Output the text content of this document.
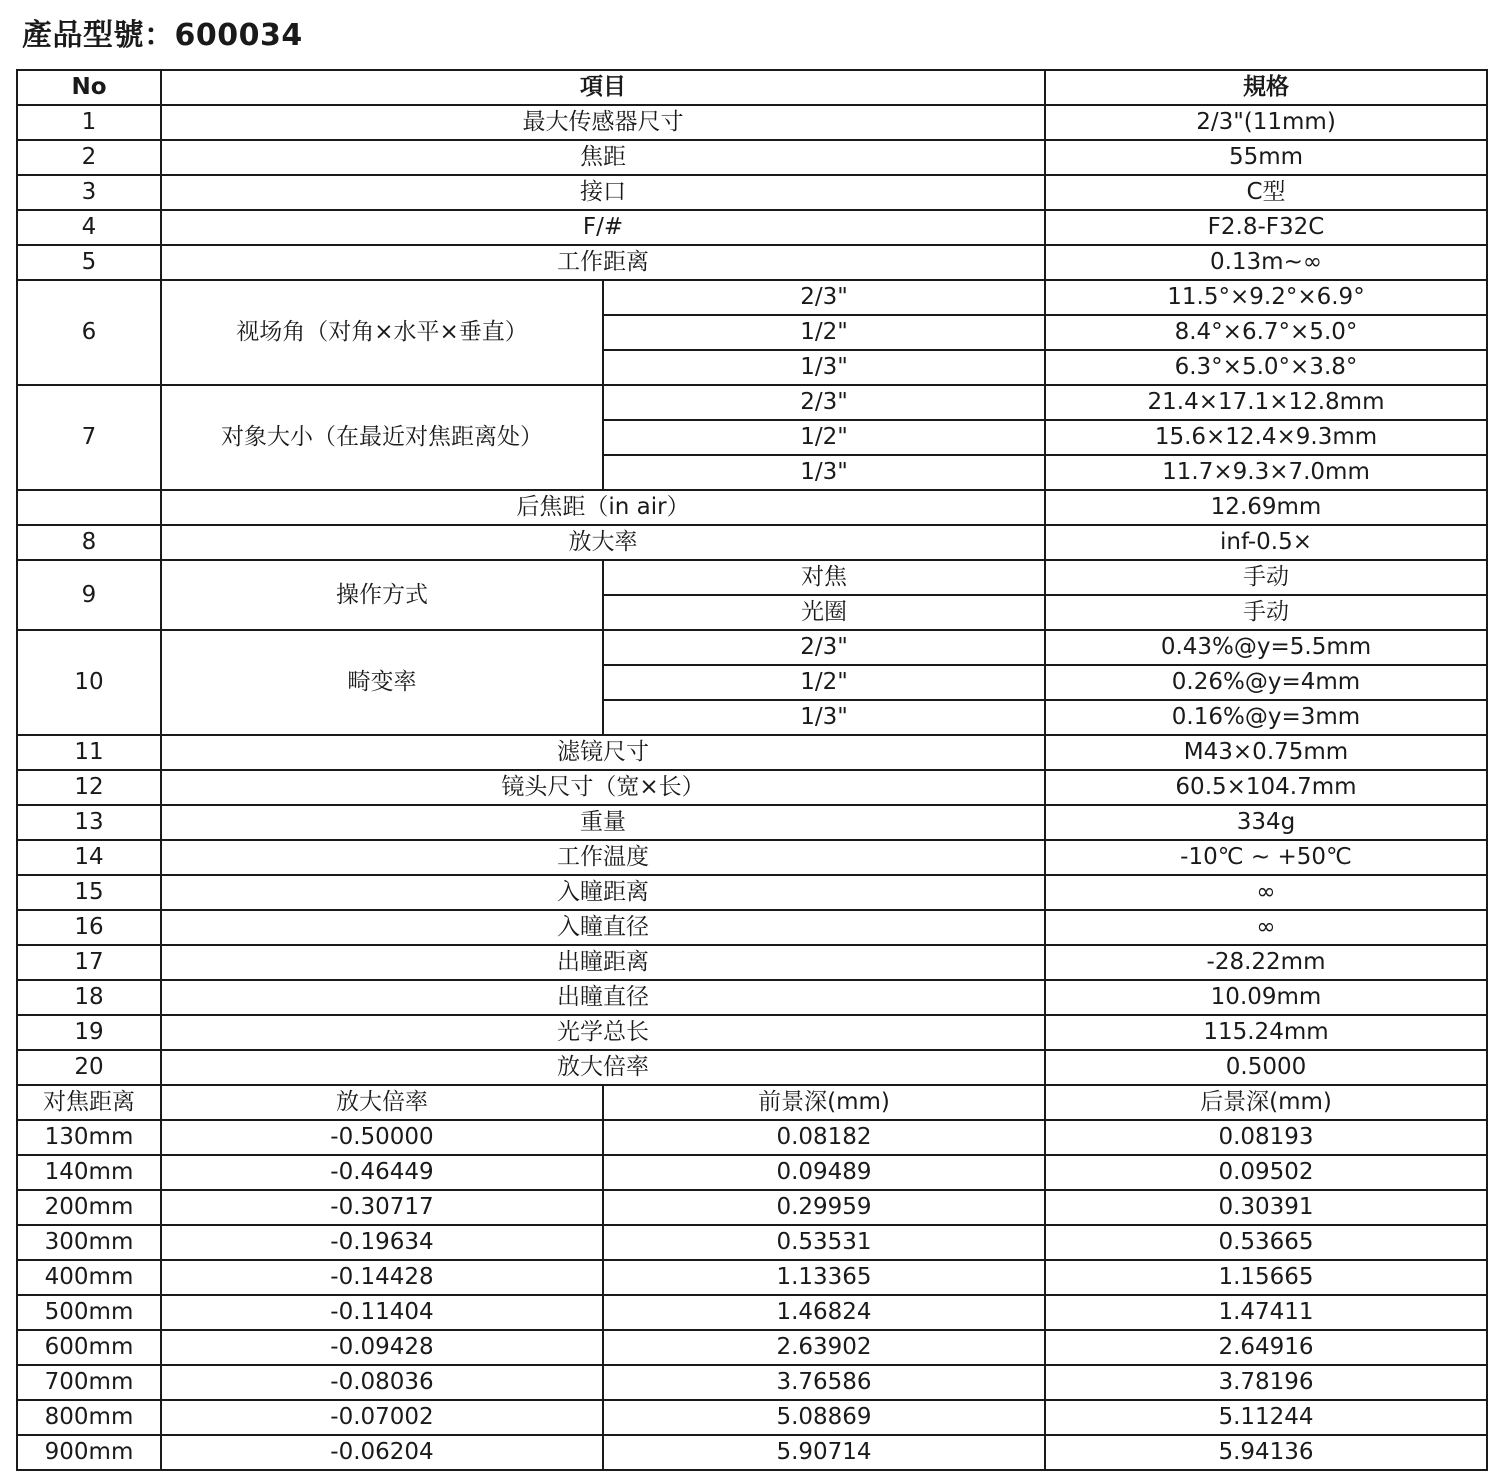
產品型號：600034
No	項目		規格
1	最大传感器尺寸		2/3"(11mm)
2	焦距		55mm
3	接口		C型
4	F/#		F2.8-F32C
5	工作距离		0.13m~∞
6	视场角（对角×水平×垂直）	2/3"	11.5°×9.2°×6.9°
		1/2"	8.4°×6.7°×5.0°
		1/3"	6.3°×5.0°×3.8°
7	对象大小（在最近对焦距离处）	2/3"	21.4×17.1×12.8mm
		1/2"	15.6×12.4×9.3mm
		1/3"	11.7×9.3×7.0mm
	后焦距（in air）		12.69mm
8	放大率		inf-0.5×
9	操作方式	对焦	手动
		光圈	手动
10	畸变率	2/3"	0.43%@y=5.5mm
		1/2"	0.26%@y=4mm
		1/3"	0.16%@y=3mm
11	滤镜尺寸		M43×0.75mm
12	镜头尺寸（宽×长）		60.5×104.7mm
13	重量		334g
14	工作温度		-10℃ ~ +50℃
15	入瞳距离		∞
16	入瞳直径		∞
17	出瞳距离		-28.22mm
18	出瞳直径		10.09mm
19	光学总长		115.24mm
20	放大倍率		0.5000
对焦距离	放大倍率	前景深(mm)	后景深(mm)
130mm	-0.50000	0.08182	0.08193
140mm	-0.46449	0.09489	0.09502
200mm	-0.30717	0.29959	0.30391
300mm	-0.19634	0.53531	0.53665
400mm	-0.14428	1.13365	1.15665
500mm	-0.11404	1.46824	1.47411
600mm	-0.09428	2.63902	2.64916
700mm	-0.08036	3.76586	3.78196
800mm	-0.07002	5.08869	5.11244
900mm	-0.06204	5.90714	5.94136
